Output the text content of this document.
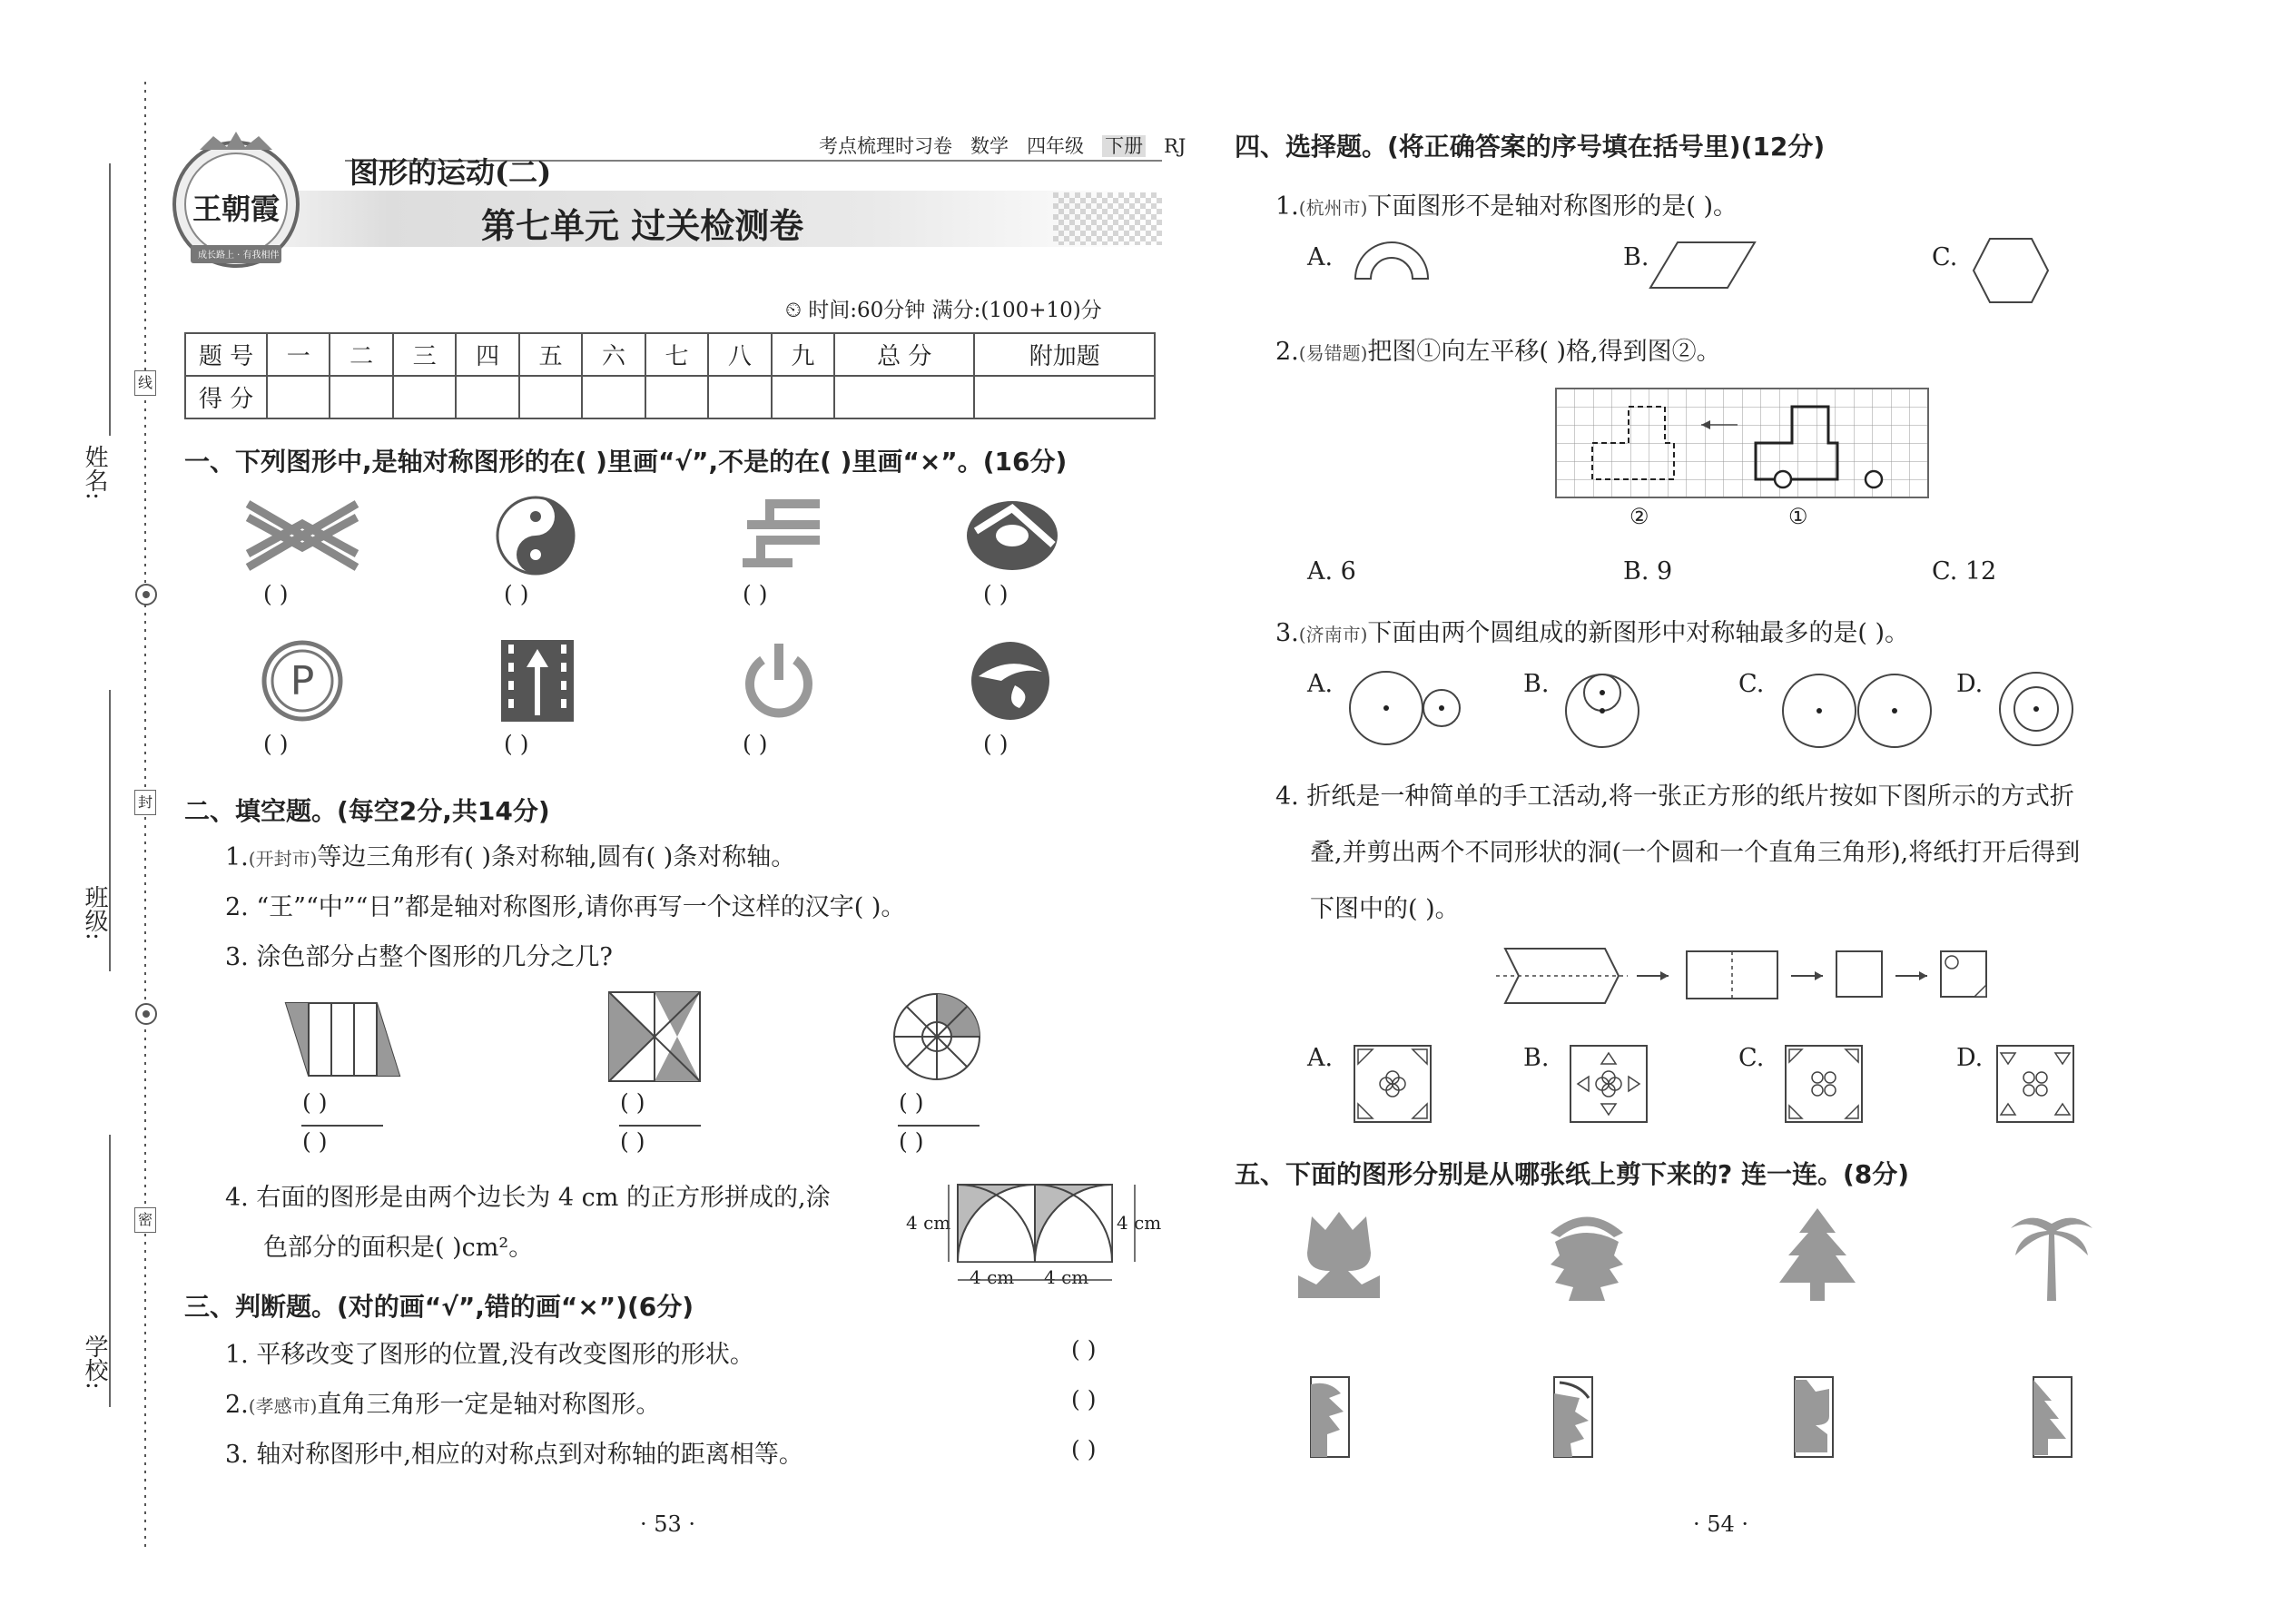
姓名:
班级:
学校:
线
封
密
考点梳理时习卷 数学 四年级 下册 RJ
王朝霞
成长路上 · 有我相伴
图形的运动(二)
第七单元 过关检测卷
⏲ 时间:60分钟 满分:(100+10)分
题 号	一	二	三	四	五	六	七	八	九	总 分	附加题
得 分											
一、下列图形中,是轴对称图形的在( )里画“√”,不是的在( )里画“×”。(16分)
( )	( )	( )	( )
P
( )	( )	( )	( )
二、填空题。(每空2分,共14分)
1.(开封市)等边三角形有( )条对称轴,圆有( )条对称轴。
2. “王”“中”“日”都是轴对称图形,请你再写一个这样的汉字( )。
3. 涂色部分占整个图形的几分之几?
( )
( )
( )
( )
( )
( )
4. 右面的图形是由两个边长为 4 cm 的正方形拼成的,涂
色部分的面积是( )cm²。
4 cm	4 cm
4 cm 4 cm
三、判断题。(对的画“√”,错的画“×”)(6分)
1. 平移改变了图形的位置,没有改变图形的形状。
2.(孝感市)直角三角形一定是轴对称图形。
3. 轴对称图形中,相应的对称点到对称轴的距离相等。
( )
( )
( )
· 53 ·
四、选择题。(将正确答案的序号填在括号里)(12分)
1.(杭州市)下面图形不是轴对称图形的是( )。
A.	B.	C.
2.(易错题)把图①向左平移( )格,得到图②。
②	①
A. 6	B. 9	C. 12
3.(济南市)下面由两个圆组成的新图形中对称轴最多的是( )。
A.	B.	C.	D.
4. 折纸是一种简单的手工活动,将一张正方形的纸片按如下图所示的方式折
叠,并剪出两个不同形状的洞(一个圆和一个直角三角形),将纸打开后得到
下图中的( )。
A.	B.	C.	D.
五、下面的图形分别是从哪张纸上剪下来的? 连一连。(8分)
· 54 ·
